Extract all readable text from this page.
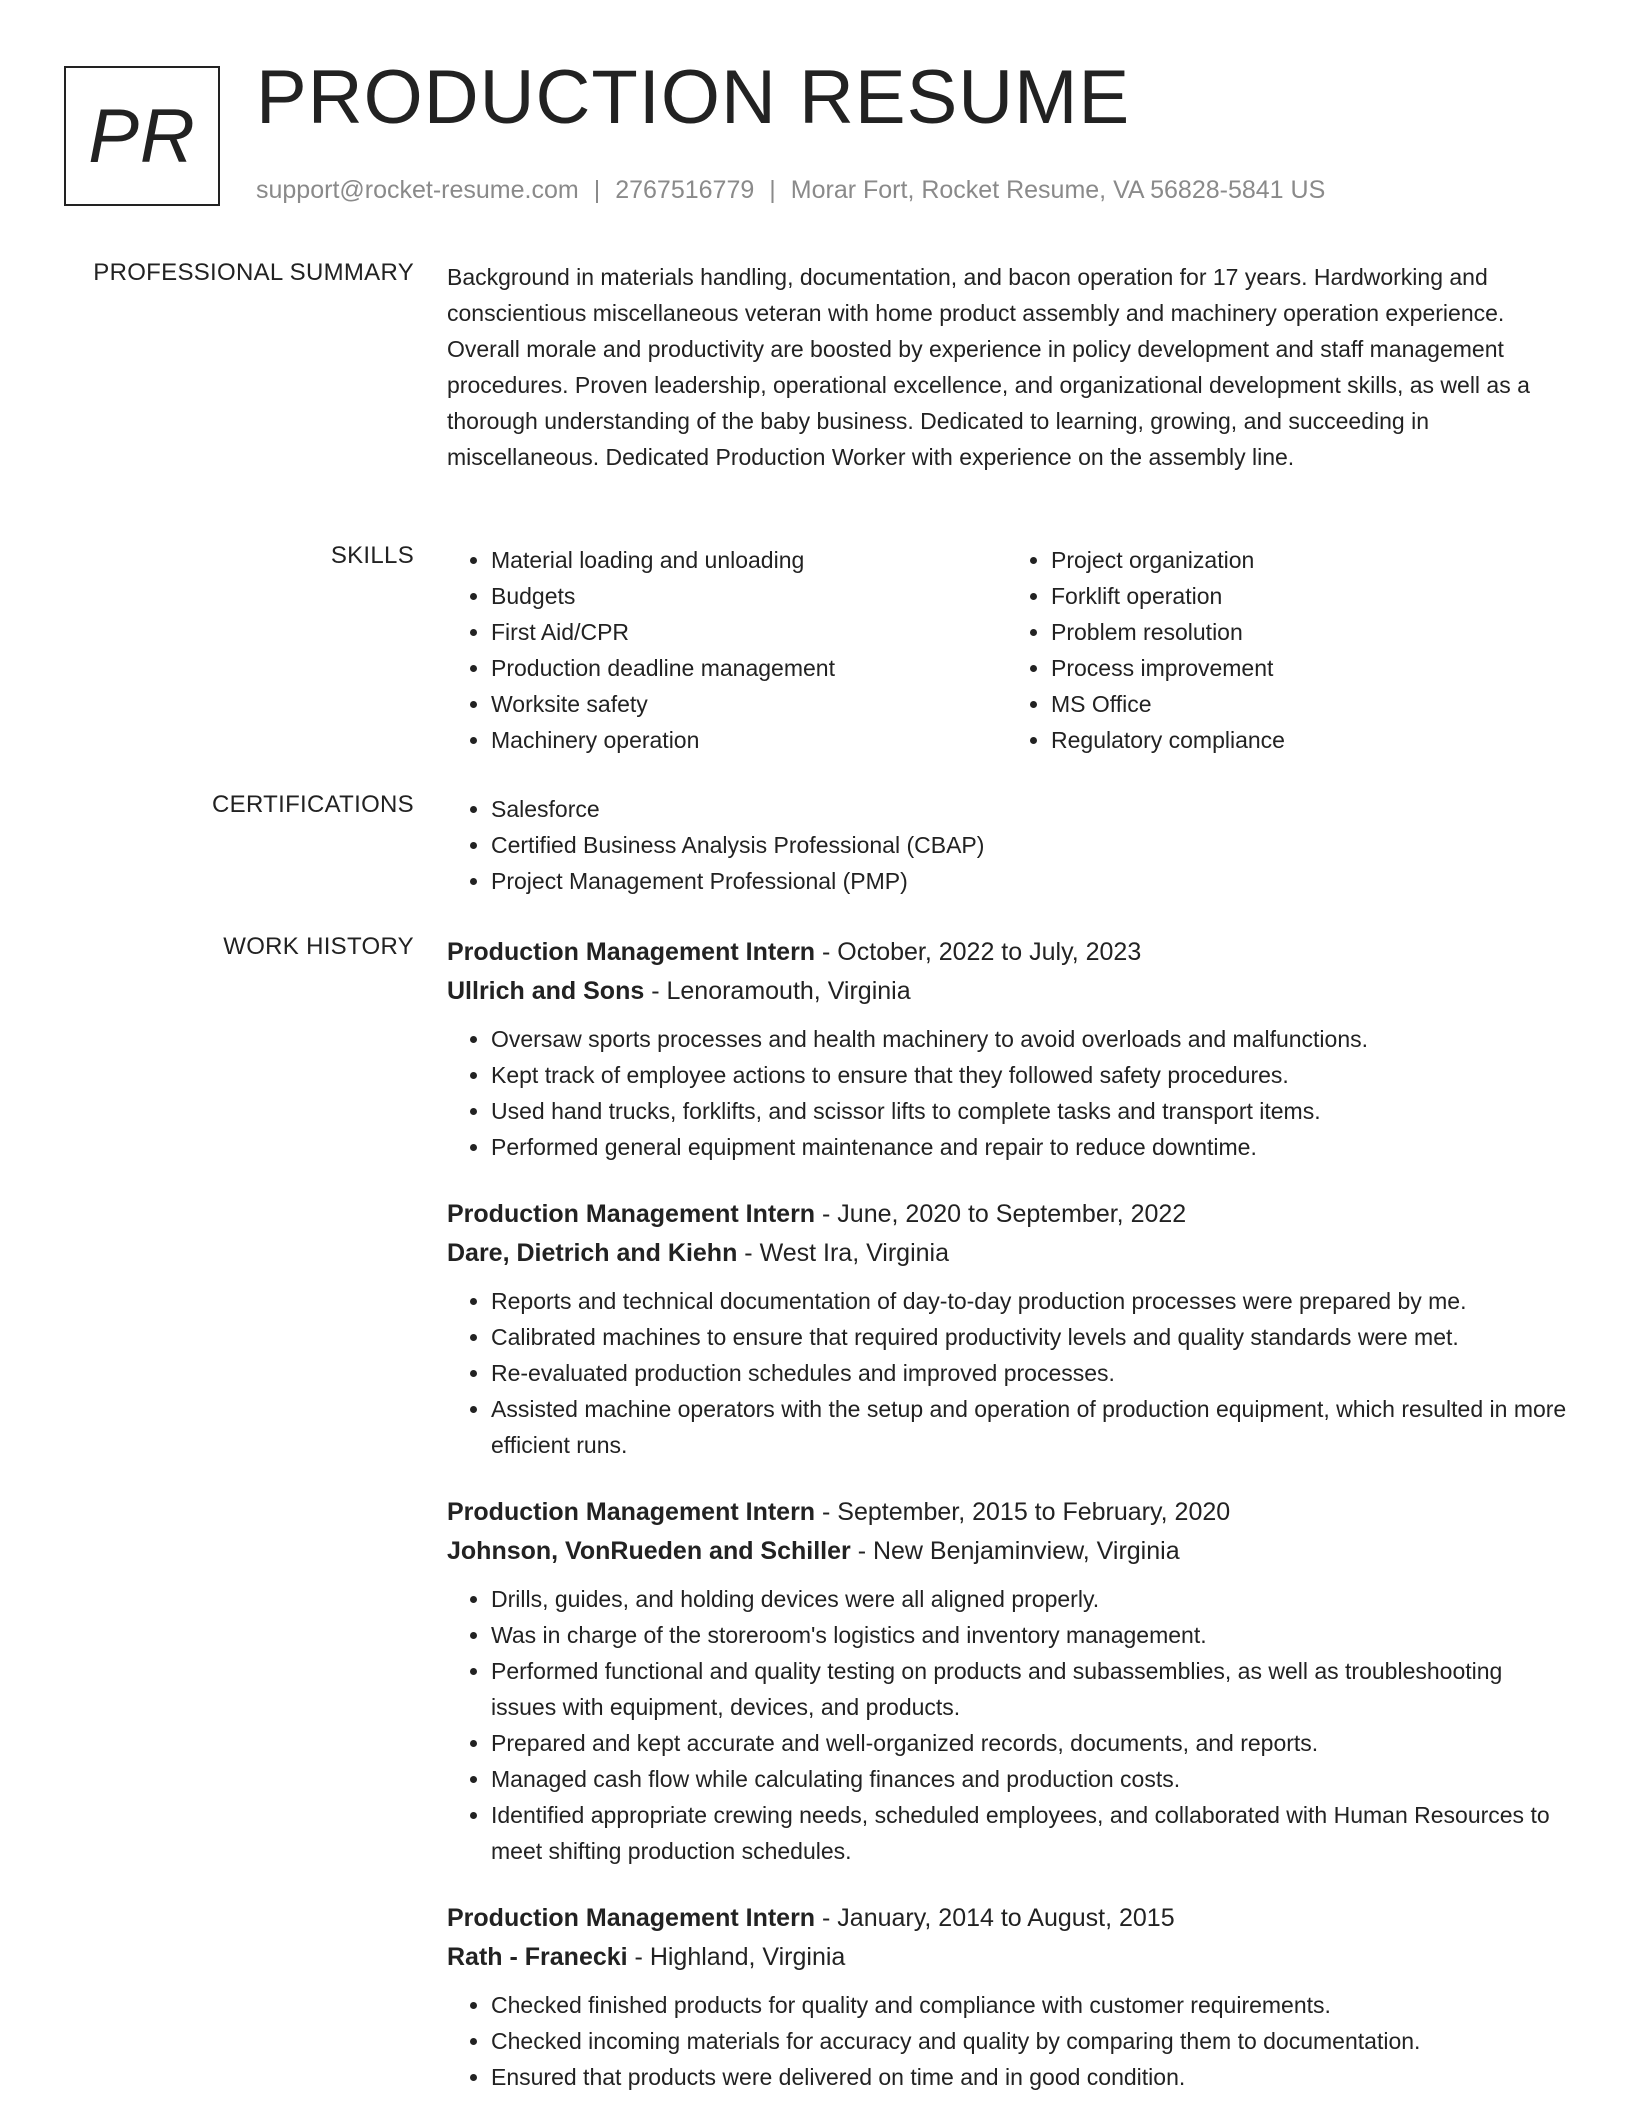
PR PRODUCTION RESUME
support@rocket-resume.com | 2767516779 | Morar Fort, Rocket Resume, VA 56828-5841 US
PROFESSIONAL SUMMARY Background in materials handling, documentation, and bacon operation for 17 years. Hardworking and conscientious miscellaneous veteran with home product assembly and machinery operation experience. Overall morale and productivity are boosted by experience in policy development and staff management procedures. Proven leadership, operational excellence, and organizational development skills, as well as a thorough understanding of the baby business. Dedicated to learning, growing, and succeeding in miscellaneous. Dedicated Production Worker with experience on the assembly line.

SKILLS	• Material loading and unloading
• Budgets
• First Aid/CPR
• Production deadline management
• Worksite safety
• Machinery operation
• Project organization
• Forklift operation
• Problem resolution
• Process improvement
• MS Office
• Regulatory compliance
CERTIFICATIONS	• Salesforce
• Certified Business Analysis Professional (CBAP)
• Project Management Professional (PMP)
WORK HISTORY Production Management Intern - October, 2022 to July, 2023
Ullrich and Sons - Lenoramouth, Virginia
• Oversaw sports processes and health machinery to avoid overloads and malfunctions.
• Kept track of employee actions to ensure that they followed safety procedures.
• Used hand trucks, forklifts, and scissor lifts to complete tasks and transport items.
• Performed general equipment maintenance and repair to reduce downtime.
Production Management Intern - June, 2020 to September, 2022
Dare, Dietrich and Kiehn - West Ira, Virginia
• Reports and technical documentation of day-to-day production processes were prepared by me.
• Calibrated machines to ensure that required productivity levels and quality standards were met.
• Re-evaluated production schedules and improved processes.
• Assisted machine operators with the setup and operation of production equipment, which resulted in more efficient runs.
Production Management Intern - September, 2015 to February, 2020
Johnson, VonRueden and Schiller - New Benjaminview, Virginia
• Drills, guides, and holding devices were all aligned properly.
• Was in charge of the storeroom's logistics and inventory management.
• Performed functional and quality testing on products and subassemblies, as well as troubleshooting issues with equipment, devices, and products.
• Prepared and kept accurate and well-organized records, documents, and reports.
• Managed cash flow while calculating finances and production costs.
• Identified appropriate crewing needs, scheduled employees, and collaborated with Human Resources to meet shifting production schedules.
Production Management Intern - January, 2014 to August, 2015
Rath - Franecki - Highland, Virginia
• Checked finished products for quality and compliance with customer requirements.
• Checked incoming materials for accuracy and quality by comparing them to documentation.
• Ensured that products were delivered on time and in good condition.
